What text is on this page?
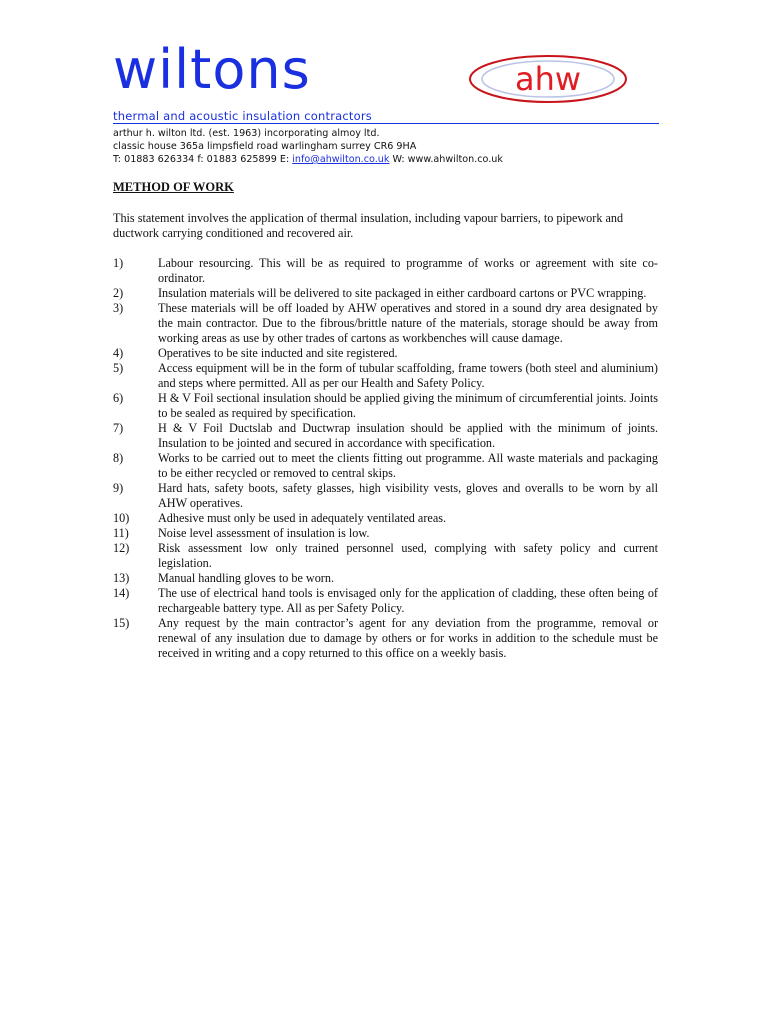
wiltons	ahw
thermal and acoustic insulation contractors
arthur h. wilton ltd. (est. 1963) incorporating almoy ltd.
classic house 365a limpsfield road warlingham surrey CR6 9HA
T: 01883 626334 f: 01883 625899 E: info@ahwilton.co.uk W: www.ahwilton.co.uk
METHOD OF WORK
This statement involves the application of thermal insulation, including vapour barriers, to pipework and ductwork carrying conditioned and recovered air.
1)	Labour resourcing. This will be as required to programme of works or agreement with site co-ordinator.
2)	Insulation materials will be delivered to site packaged in either cardboard cartons or PVC wrapping.
3)	These materials will be off loaded by AHW operatives and stored in a sound dry area designated by the main contractor. Due to the fibrous/brittle nature of the materials, storage should be away from working areas as use by other trades of cartons as workbenches will cause damage.
4)	Operatives to be site inducted and site registered.
5)	Access equipment will be in the form of tubular scaffolding, frame towers (both steel and aluminium) and steps where permitted. All as per our Health and Safety Policy.
6)	H & V Foil sectional insulation should be applied giving the minimum of circumferential joints. Joints to be sealed as required by specification.
7)	H & V Foil Ductslab and Ductwrap insulation should be applied with the minimum of joints. Insulation to be jointed and secured in accordance with specification.
8)	Works to be carried out to meet the clients fitting out programme. All waste materials and packaging to be either recycled or removed to central skips.
9)	Hard hats, safety boots, safety glasses, high visibility vests, gloves and overalls to be worn by all AHW operatives.
10)	Adhesive must only be used in adequately ventilated areas.
11)	Noise level assessment of insulation is low.
12)	Risk assessment low only trained personnel used, complying with safety policy and current legislation.
13)	Manual handling gloves to be worn.
14)	The use of electrical hand tools is envisaged only for the application of cladding, these often being of rechargeable battery type. All as per Safety Policy.
15)	Any request by the main contractor’s agent for any deviation from the programme, removal or renewal of any insulation due to damage by others or for works in addition to the schedule must be received in writing and a copy returned to this office on a weekly basis.
